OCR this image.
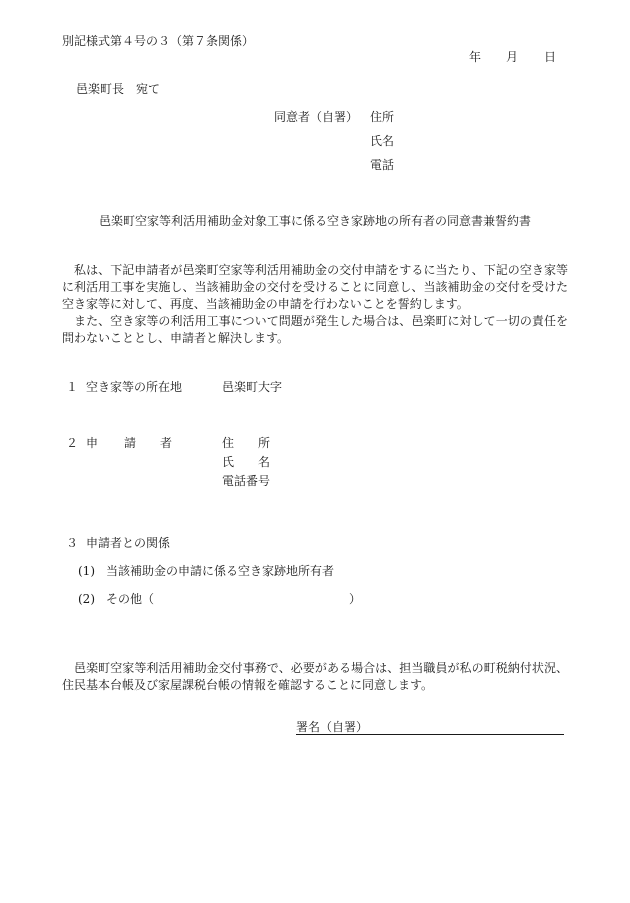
別記様式第４号の３（第７条関係）
年 月 日
邑楽町長　宛て
同意者（自署） 住所
氏名
電話
邑楽町空家等利活用補助金対象工事に係る空き家跡地の所有者の同意書兼誓約書

　私は、下記申請者が邑楽町空家等利活用補助金の交付申請をするに当たり、下記の空き家等に利活用工事を実施し、当該補助金の交付を受けることに同意し、当該補助金の交付を受けた空き家等に対して、再度、当該補助金の申請を行わないことを誓約します。

　また、空き家等の利活用工事について問題が発生した場合は、邑楽町に対して一切の責任を問わないこととし、申請者と解決します。

１ 空き家等の所在地	邑楽町大字
２ 申 請 者	住 所
氏 名
電話番号
３ 申請者との関係
(1) 当該補助金の申請に係る空き家跡地所有者
(2) その他（	）

　邑楽町空家等利活用補助金交付事務で、必要がある場合は、担当職員が私の町税納付状況、住民基本台帳及び家屋課税台帳の情報を確認することに同意します。

署名（自署）
